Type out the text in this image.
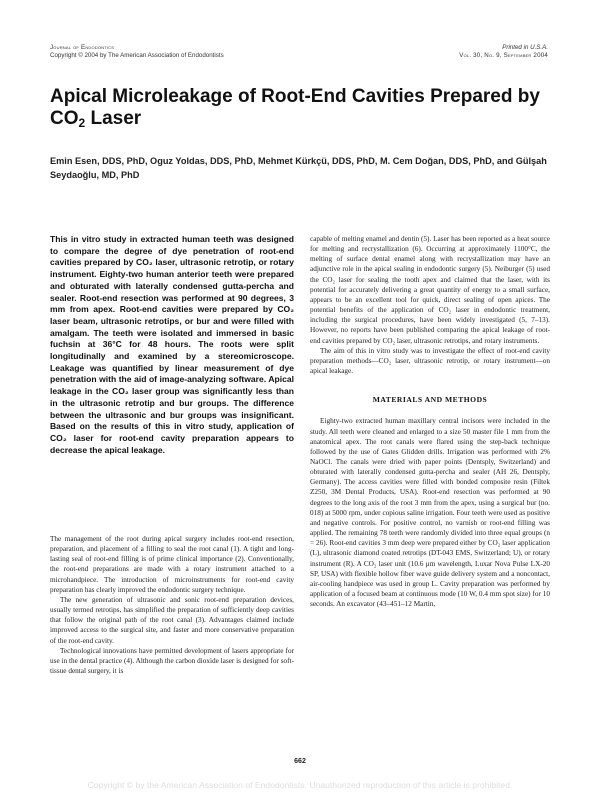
Journal of Endodontics
Copyright © 2004 by The American Association of Endodontists
Printed in U.S.A.
Vol. 30, No. 9, September 2004
Apical Microleakage of Root-End Cavities Prepared by $CO_2$ Laser
Emin Esen, DDS, PhD, Oguz Yoldas, DDS, PhD, Mehmet Kürkçü, DDS, PhD, M. Cem Doğan, DDS, PhD, and Gülşah Seydaoğlu, MD, PhD
This in vitro study in extracted human teeth was designed to compare the degree of dye penetration of root-end cavities prepared by CO₂ laser, ultrasonic retrotip, or rotary instrument. Eighty-two human anterior teeth were prepared and obturated with laterally condensed gutta-percha and sealer. Root-end resection was performed at 90 degrees, 3 mm from apex. Root-end cavities were prepared by CO₂ laser beam, ultrasonic retrotips, or bur and were filled with amalgam. The teeth were isolated and immersed in basic fuchsin at 36°C for 48 hours. The roots were split longitudinally and examined by a stereomicroscope. Leakage was quantified by linear measurement of dye penetration with the aid of image-analyzing software. Apical leakage in the CO₂ laser group was significantly less than in the ultrasonic retrotip and bur groups. The difference between the ultrasonic and bur groups was insignificant. Based on the results of this in vitro study, application of CO₂ laser for root-end cavity preparation appears to decrease the apical leakage.

The management of the root during apical surgery includes root-end resection, preparation, and placement of a filling to seal the root canal (1). A tight and long-lasting seal of root-end filling is of prime clinical importance (2). Conventionally, the root-end preparations are made with a rotary instrument attached to a microhandpiece. The introduction of microinstruments for root-end cavity preparation has clearly improved the endodontic surgery technique.

The new generation of ultrasonic and sonic root-end preparation devices, usually termed retrotips, has simplified the preparation of sufficiently deep cavities that follow the original path of the root canal (3). Advantages claimed include improved access to the surgical site, and faster and more conservative preparation of the root-end cavity.

Technological innovations have permitted development of lasers appropriate for use in the dental practice (4). Although the carbon dioxide laser is designed for soft-tissue dental surgery, it is

capable of melting enamel and dentin (5). Laser has been reported as a heat source for melting and recrystallization (6). Occurring at approximately 1100°C, the melting of surface dental enamel along with recrystallization may have an adjunctive role in the apical sealing in endodontic surgery (5). Neiburger (5) used the CO₂ laser for sealing the tooth apex and claimed that the laser, with its potential for accurately delivering a great quantity of energy to a small surface, appears to be an excellent tool for quick, direct sealing of open apices. The potential benefits of the application of CO₂ laser in endodontic treatment, including the surgical procedures, have been widely investigated (5, 7–13). However, no reports have been published comparing the apical leakage of root-end cavities prepared by CO₂ laser, ultrasonic retrotips, and rotary instruments.

The aim of this in vitro study was to investigate the effect of root-end cavity preparation methods—CO₂ laser, ultrasonic retrotip, or rotary instrument—on apical leakage.

MATERIALS AND METHODS

Eighty-two extracted human maxillary central incisors were included in the study. All teeth were cleaned and enlarged to a size 50 master file 1 mm from the anatomical apex. The root canals were flared using the step-back technique followed by the use of Gates Glidden drills. Irrigation was performed with 2% NaOCl. The canals were dried with paper points (Dentsply, Switzerland) and obturated with laterally condensed gutta-percha and sealer (AH 26, Dentsply, Germany). The access cavities were filled with bonded composite resin (Filtek Z250, 3M Dental Products, USA). Root-end resection was performed at 90 degrees to the long axis of the root 3 mm from the apex, using a surgical bur (no. 018) at 5000 rpm, under copious saline irrigation. Four teeth were used as positive and negative controls. For positive control, no varnish or root-end filling was applied. The remaining 78 teeth were randomly divided into three equal groups (n = 26). Root-end cavities 3 mm deep were prepared either by CO₂ laser application (L), ultrasonic diamond coated retrotips (DT-043 EMS, Switzerland; U), or rotary instrument (R). A CO₂ laser unit (10.6 μm wavelength, Luxar Nova Pulse LX-20 SP, USA) with flexible hollow fiber wave guide delivery system and a noncontact, air-cooling handpiece was used in group L. Cavity preparation was performed by application of a focused beam at continuous mode (10 W, 0.4 mm spot size) for 10 seconds. An excavator (43–451–12 Martin,

662
Copyright © by the American Association of Endodontists. Unauthorized reproduction of this article is prohibited.
